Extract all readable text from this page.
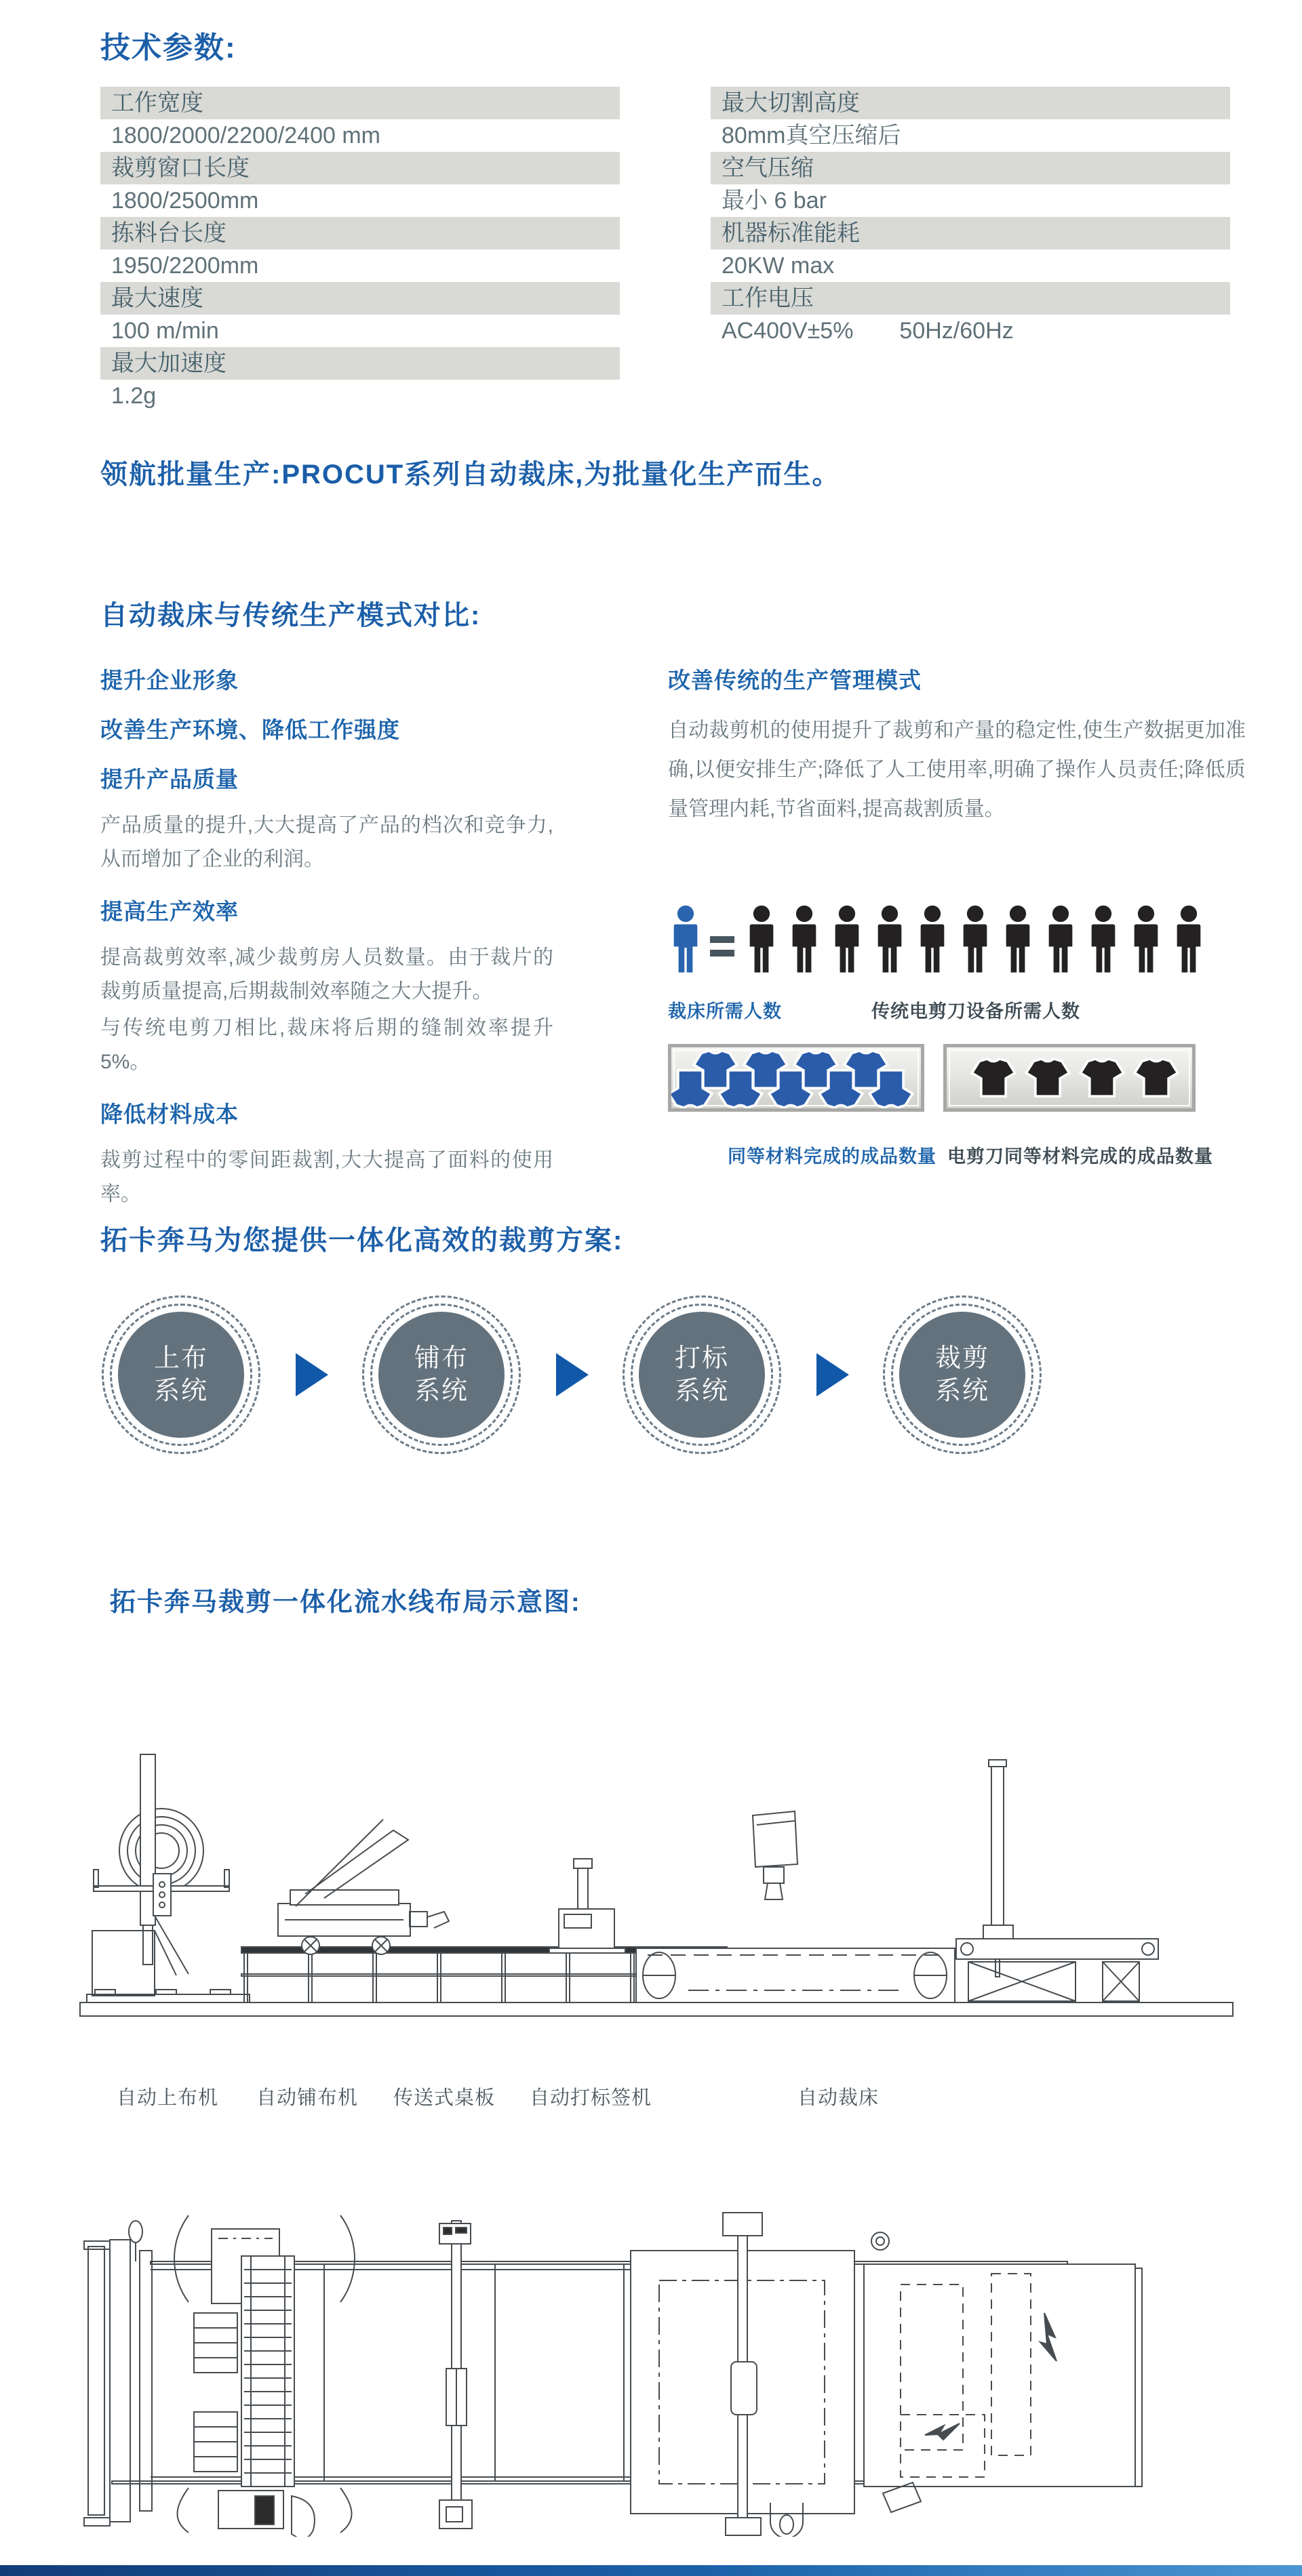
技术参数:
工作宽度
1800/2000/2200/2400 mm
裁剪窗口长度
1800/2500mm
拣料台长度
1950/2200mm
最大速度
100 m/min
最大加速度
1.2g
最大切割高度
80mm真空压缩后
空气压缩
最小 6 bar
机器标准能耗
20KW max
工作电压
AC400V±5%　　50Hz/60Hz
领航批量生产:PROCUT系列自动裁床,为批量化生产而生。
自动裁床与传统生产模式对比:
提升企业形象
改善生产环境、降低工作强度
提升产品质量

产品质量的提升,大大提高了产品的档次和竞争力,从而增加了企业的利润。

提高生产效率

提高裁剪效率,减少裁剪房人员数量。由于裁片的裁剪质量提高,后期裁制效率随之大大提升。

与传统电剪刀相比,裁床将后期的缝制效率提升5%。

降低材料成本

裁剪过程中的零间距裁割,大大提高了面料的使用率。

改善传统的生产管理模式

自动裁剪机的使用提升了裁剪和产量的稳定性,使生产数据更加准确,以便安排生产;降低了人工使用率,明确了操作人员责任;降低质量管理内耗,节省面料,提高裁割质量。

裁床所需人数	传统电剪刀设备所需人数
同等材料完成的成品数量 电剪刀同等材料完成的成品数量
拓卡奔马为您提供一体化高效的裁剪方案:
上布
系统
铺布
系统
打标
系统
裁剪
系统
拓卡奔马裁剪一体化流水线布局示意图:
自动上布机 自动铺布机 传送式桌板 自动打标签机	自动裁床
